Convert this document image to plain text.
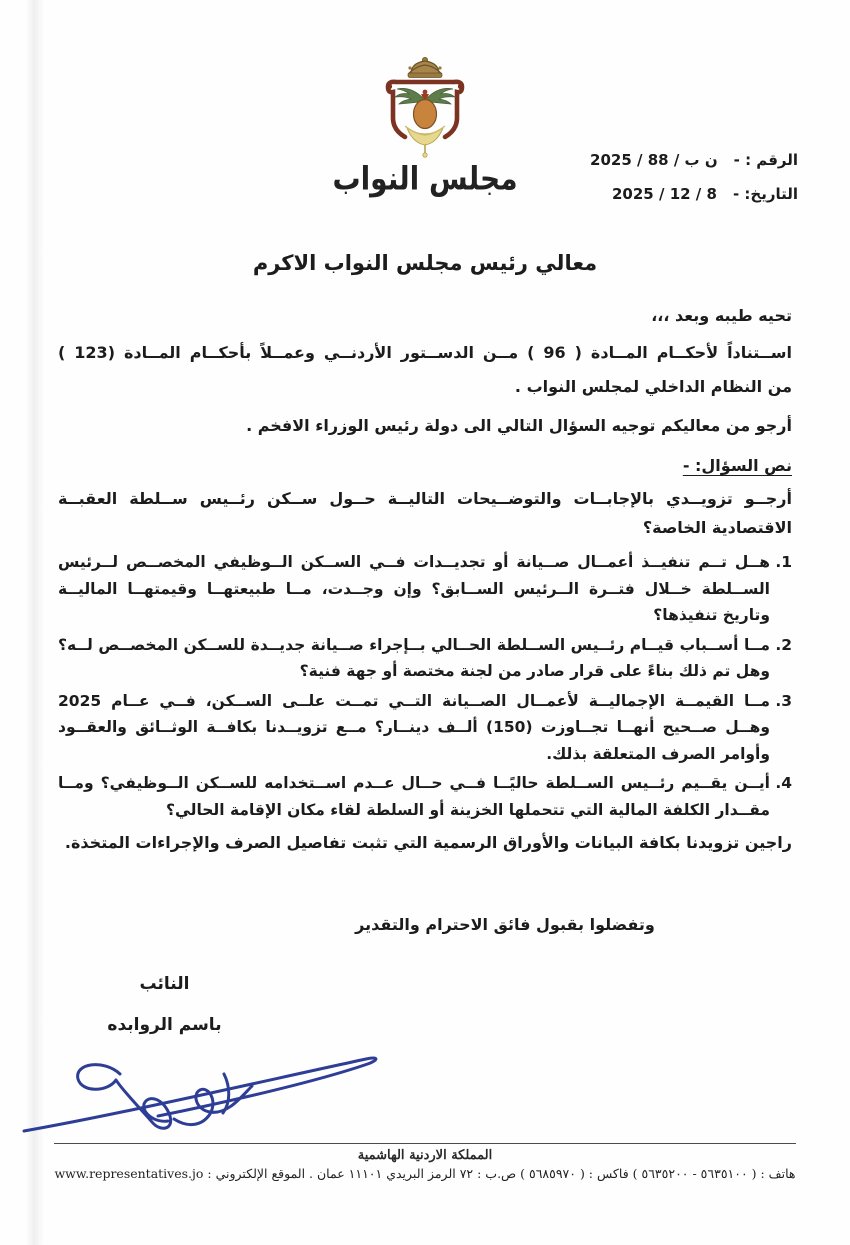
مجلس النواب	الرقم : -
ن ب / 88 / 2025
التاريخ: -
8 / 12 / 2025
معالي رئيس مجلس النواب الاكرم
تحيه طيبه وبعد ،،،
اســتناداً لأحكــام المــادة ( 96 ) مــن الدســتور الأردنــي وعمــلاً بأحكــام المــادة (123 )
من النظام الداخلي لمجلس النواب .
أرجو من معاليكم توجيه السؤال التالي الى دولة رئيس الوزراء الافخم .
نص السؤال: -
أرجــو تزويــدي بالإجابــات والتوضــيحات التاليــة حــول ســكن رئــيس ســلطة العقبــة
الاقتصادية الخاصة؟
1. هــل تــم تنفيــذ أعمــال صــيانة أو تجديــدات فــي الســكن الــوظيفي المخصــص لــرئيس الســلطة خــلال فتــرة الــرئيس الســابق؟ وإن وجــدت، مــا طبيعتهــا وقيمتهــا الماليــة وتاريخ تنفيذها؟
2. مــا أســباب قيــام رئــيس الســلطة الحــالي بــإجراء صــيانة جديــدة للســكن المخصــص لــه؟ وهل تم ذلك بناءً على قرار صادر من لجنة مختصة أو جهة فنية؟
3. مــا القيمــة الإجماليــة لأعمــال الصــيانة التــي تمــت علــى الســكن، فــي عــام 2025 وهــل صــحيح أنهــا تجــاوزت (150) ألــف دينــار؟ مــع تزويــدنا بكافــة الوثــائق والعقــود وأوامر الصرف المتعلقة بذلك.
4. أيــن يقــيم رئــيس الســلطة حاليًــا فــي حــال عــدم اســتخدامه للســكن الــوظيفي؟ ومــا مقــدار الكلفة المالية التي تتحملها الخزينة أو السلطة لقاء مكان الإقامة الحالي؟
راجين تزويدنا بكافة البيانات والأوراق الرسمية التي تثبت تفاصيل الصرف والإجراءات المتخذة.
وتفضلوا بقبول فائق الاحترام والتقدير
النائب
باسم الروابده
المملكة الاردنية الهاشمية
هاتف : ( ٥٦٣٥١٠٠ - ٥٦٣٥٢٠٠ ) فاكس : ( ٥٦٨٥٩٧٠ ) ص.ب : ٧٢ الرمز البريدي ١١١٠١ عمان . الموقع الإلكتروني : www.representatives.jo
